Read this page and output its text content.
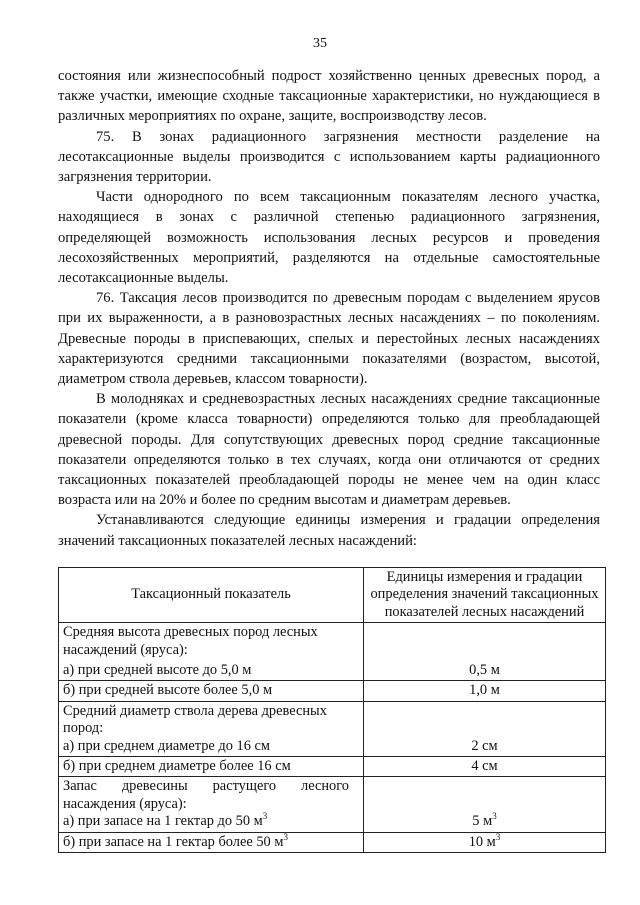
35

состояния или жизнеспособный подрост хозяйственно ценных древесных пород, а также участки, имеющие сходные таксационные характеристики, но нуждающиеся в различных мероприятиях по охране, защите, воспроизводству лесов.

75. В зонах радиационного загрязнения местности разделение на лесотаксационные выделы производится с использованием карты радиационного загрязнения территории.

Части однородного по всем таксационным показателям лесного участка, находящиеся в зонах с различной степенью радиационного загрязнения, определяющей возможность использования лесных ресурсов и проведения лесохозяйственных мероприятий, разделяются на отдельные самостоятельные лесотаксационные выделы.

76. Таксация лесов производится по древесным породам с выделением ярусов при их выраженности, а в разновозрастных лесных насаждениях – по поколениям. Древесные породы в приспевающих, спелых и перестойных лесных насаждениях характеризуются средними таксационными показателями (возрастом, высотой, диаметром ствола деревьев, классом товарности).

В молодняках и средневозрастных лесных насаждениях средние таксационные показатели (кроме класса товарности) определяются только для преобладающей древесной породы. Для сопутствующих древесных пород средние таксационные показатели определяются только в тех случаях, когда они отличаются от средних таксационных показателей преобладающей породы не менее чем на один класс возраста или на 20% и более по средним высотам и диаметрам деревьев.

Устанавливаются следующие единицы измерения и градации определения значений таксационных показателей лесных насаждений:

Таксационный показатель	Единицы измерения и градации определения значений таксационных показателей лесных насаждений

Средняя высота древесных пород лесных насаждений (яруса):
а) при средней высоте до 5,0 м	0,5 м
б) при средней высоте более 5,0 м	1,0 м

Средний диаметр ствола дерева древесных пород:
а) при среднем диаметре до 16 см	2 см
б) при среднем диаметре более 16 см	4 см

Запас древесины растущего лесного насаждения (яруса):
а) при запасе на 1 гектар до 50 $м^3$	5 $м^3$
б) при запасе на 1 гектар более 50 $м^3$	10 $м^3$
